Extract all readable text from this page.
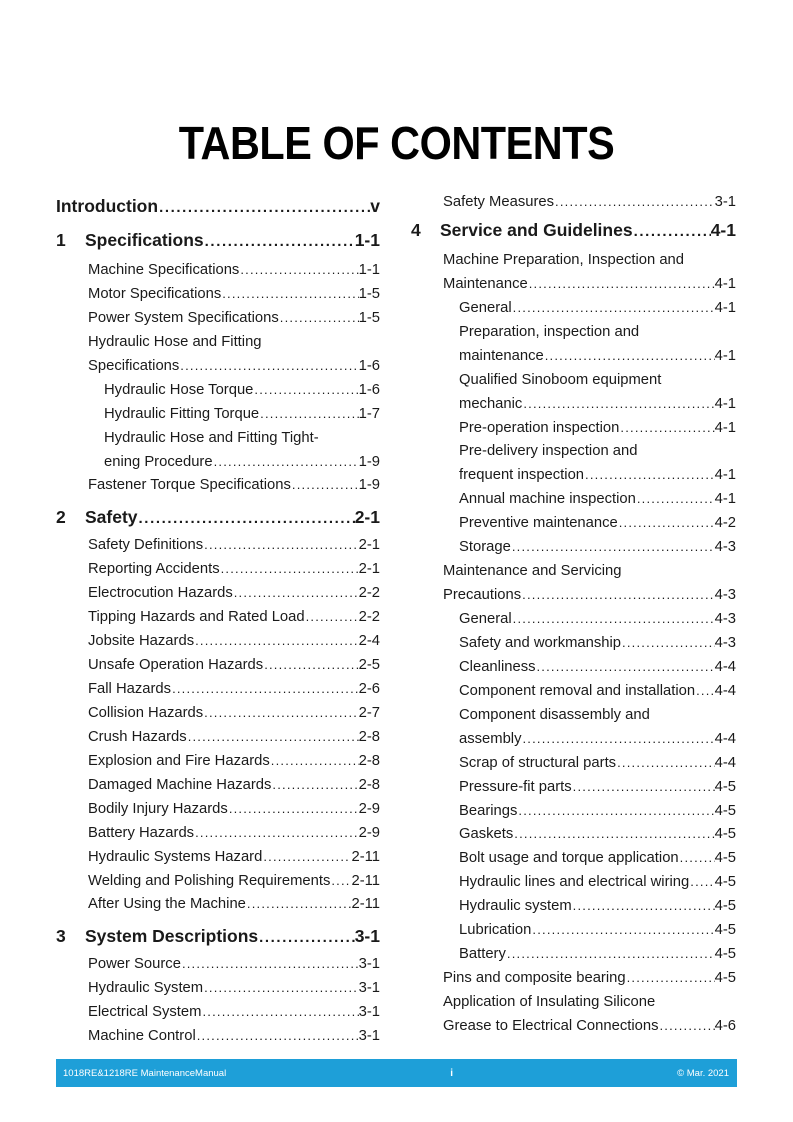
TABLE OF CONTENTS
Introduction .....	v
1	Specifications .....	1-1
Machine Specifications .....	1-1
Motor Specifications .....	1-5
Power System Specifications .....	1-5
Hydraulic Hose and Fitting
Specifications .....	1-6
Hydraulic Hose Torque .....	1-6
Hydraulic Fitting Torque .....	1-7
Hydraulic Hose and Fitting Tight-
ening Procedure .....	1-9
Fastener Torque Specifications .....	1-9
2	Safety .....	2-1
Safety Definitions .....	2-1
Reporting Accidents .....	2-1
Electrocution Hazards .....	2-2
Tipping Hazards and Rated Load .....	2-2
Jobsite Hazards .....	2-4
Unsafe Operation Hazards .....	2-5
Fall Hazards .....	2-6
Collision Hazards .....	2-7
Crush Hazards .....	2-8
Explosion and Fire Hazards .....	2-8
Damaged Machine Hazards .....	2-8
Bodily Injury Hazards .....	2-9
Battery Hazards .....	2-9
Hydraulic Systems Hazard .....	2-11
Welding and Polishing Requirements ..... 2-11
After Using the Machine .....	2-11
3	System Descriptions .....	3-1
Power Source .....	3-1
Hydraulic System .....	3-1
Electrical System .....	3-1
Machine Control .....	3-1
Safety Measures .....	3-1
4	Service and Guidelines .....	4-1
Machine Preparation, Inspection and
Maintenance .....	4-1
General .....	4-1
Preparation, inspection and
maintenance .....	4-1
Qualified Sinoboom equipment
mechanic .....	4-1
Pre-operation inspection .....	4-1
Pre-delivery inspection and
frequent inspection .....	4-1
Annual machine inspection .....	4-1
Preventive maintenance .....	4-2
Storage .....	4-3
Maintenance and Servicing
Precautions .....	4-3
General .....	4-3
Safety and workmanship .....	4-3
Cleanliness .....	4-4
Component removal and installation ..... 4-4
Component disassembly and
assembly .....	4-4
Scrap of structural parts .....	4-4
Pressure-fit parts .....	4-5
Bearings .....	4-5
Gaskets .....	4-5
Bolt usage and torque application ..... 4-5
Hydraulic lines and electrical wiring ..... 4-5
Hydraulic system .....	4-5
Lubrication .....	4-5
Battery .....	4-5
Pins and composite bearing .....	4-5
Application of Insulating Silicone
Grease to Electrical Connections .....	4-6
1018RE&1218RE MaintenanceManual	i	© Mar. 2021
